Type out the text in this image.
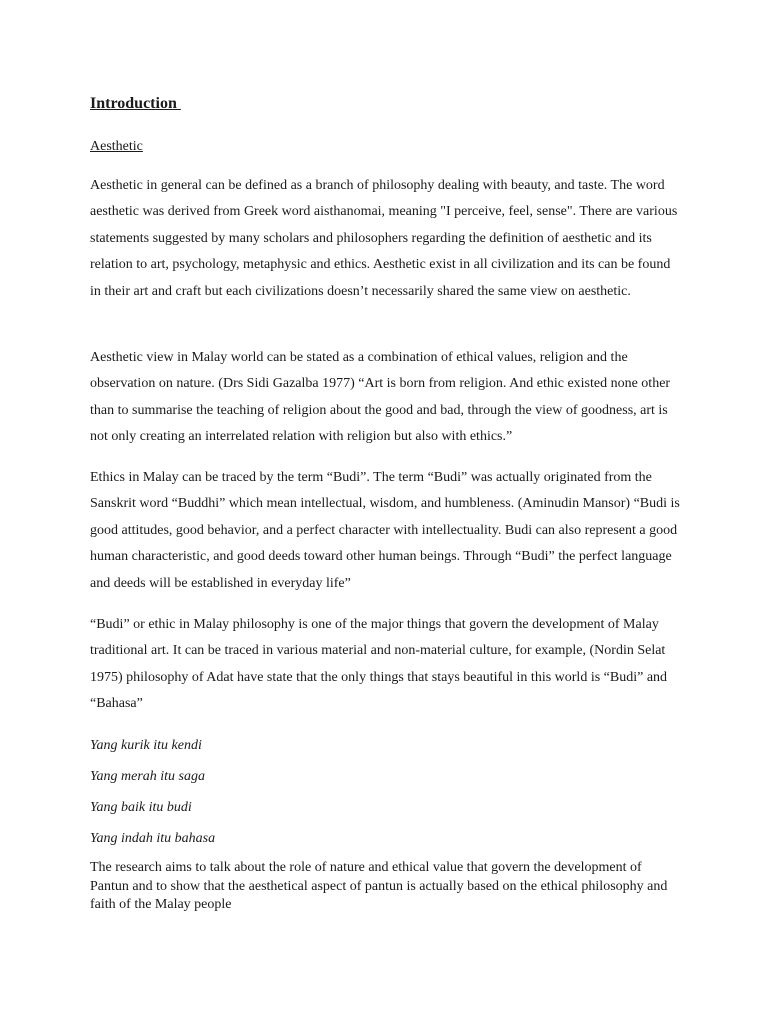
Introduction
Aesthetic

Aesthetic in general can be defined as a branch of philosophy dealing with beauty, and taste. The word aesthetic was derived from Greek word aisthanomai, meaning "I perceive, feel, sense". There are various statements suggested by many scholars and philosophers regarding the definition of aesthetic and its relation to art, psychology, metaphysic and ethics. Aesthetic exist in all civilization and its can be found in their art and craft but each civilizations doesn’t necessarily shared the same view on aesthetic.

Aesthetic view in Malay world can be stated as a combination of ethical values, religion and the observation on nature. (Drs Sidi Gazalba 1977) “Art is born from religion. And ethic existed none other than to summarise the teaching of religion about the good and bad, through the view of goodness, art is not only creating an interrelated relation with religion but also with ethics.”

Ethics in Malay can be traced by the term “Budi”. The term “Budi” was actually originated from the Sanskrit word “Buddhi” which mean intellectual, wisdom, and humbleness. (Aminudin Mansor) “Budi is good attitudes, good behavior, and a perfect character with intellectuality. Budi can also represent a good human characteristic, and good deeds toward other human beings. Through “Budi” the perfect language and deeds will be established in everyday life”

“Budi” or ethic in Malay philosophy is one of the major things that govern the development of Malay traditional art. It can be traced in various material and non-material culture, for example, (Nordin Selat 1975) philosophy of Adat have state that the only things that stays beautiful in this world is “Budi” and “Bahasa”

Yang kurik itu kendi

Yang merah itu saga

Yang baik itu budi

Yang indah itu bahasa

The research aims to talk about the role of nature and ethical value that govern the development of Pantun and to show that the aesthetical aspect of pantun is actually based on the ethical philosophy and faith of the Malay people
